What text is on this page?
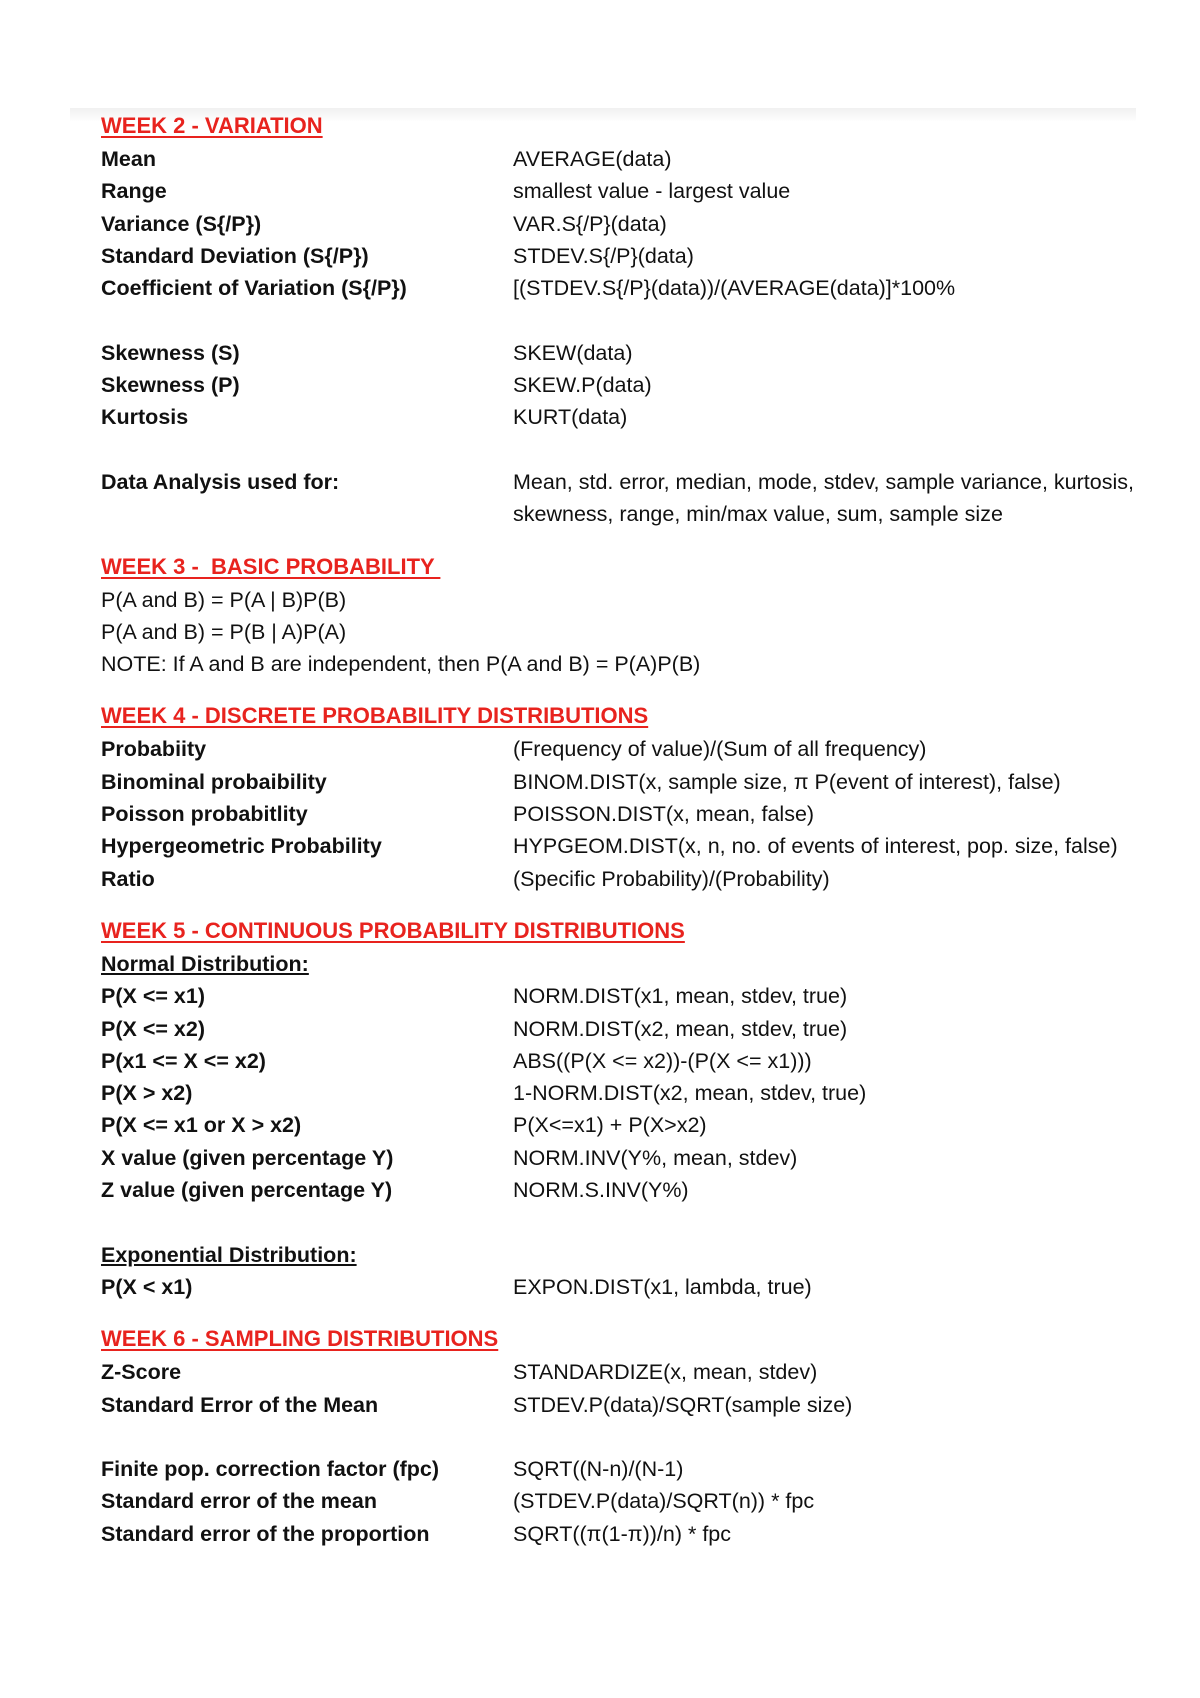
WEEK 2 - VARIATION
Mean	AVERAGE(data)
Range	smallest value - largest value
Variance (S{/P})	VAR.S{/P}(data)
Standard Deviation (S{/P})	STDEV.S{/P}(data)
Coefficient of Variation (S{/P})	[(STDEV.S{/P}(data))/(AVERAGE(data)]*100%
Skewness (S)	SKEW(data)
Skewness (P)	SKEW.P(data)
Kurtosis	KURT(data)
Data Analysis used for:	Mean, std. error, median, mode, stdev, sample variance, kurtosis, skewness, range, min/max value, sum, sample size
WEEK 3 -  BASIC PROBABILITY
P(A and B) = P(A | B)P(B)
P(A and B) = P(B | A)P(A)
NOTE: If A and B are independent, then P(A and B) = P(A)P(B)
WEEK 4 - DISCRETE PROBABILITY DISTRIBUTIONS
Probabiity	(Frequency of value)/(Sum of all frequency)
Binominal probaibility	BINOM.DIST(x, sample size, π P(event of interest), false)
Poisson probabitlity	POISSON.DIST(x, mean, false)
Hypergeometric Probability	HYPGEOM.DIST(x, n, no. of events of interest, pop. size, false)
Ratio	(Specific Probability)/(Probability)
WEEK 5 - CONTINUOUS PROBABILITY DISTRIBUTIONS
Normal Distribution:
P(X <= x1)	NORM.DIST(x1, mean, stdev, true)
P(X <= x2)	NORM.DIST(x2, mean, stdev, true)
P(x1 <= X <= x2)	ABS((P(X <= x2))-(P(X <= x1)))
P(X > x2)	1-NORM.DIST(x2, mean, stdev, true)
P(X <= x1 or X > x2)	P(X<=x1) + P(X>x2)
X value (given percentage Y)	NORM.INV(Y%, mean, stdev)
Z value (given percentage Y)	NORM.S.INV(Y%)
Exponential Distribution:
P(X < x1)	EXPON.DIST(x1, lambda, true)
WEEK 6 - SAMPLING DISTRIBUTIONS
Z-Score	STANDARDIZE(x, mean, stdev)
Standard Error of the Mean	STDEV.P(data)/SQRT(sample size)
Finite pop. correction factor (fpc)	SQRT((N-n)/(N-1)
Standard error of the mean	(STDEV.P(data)/SQRT(n)) * fpc
Standard error of the proportion	SQRT((π(1-π))/n) * fpc
